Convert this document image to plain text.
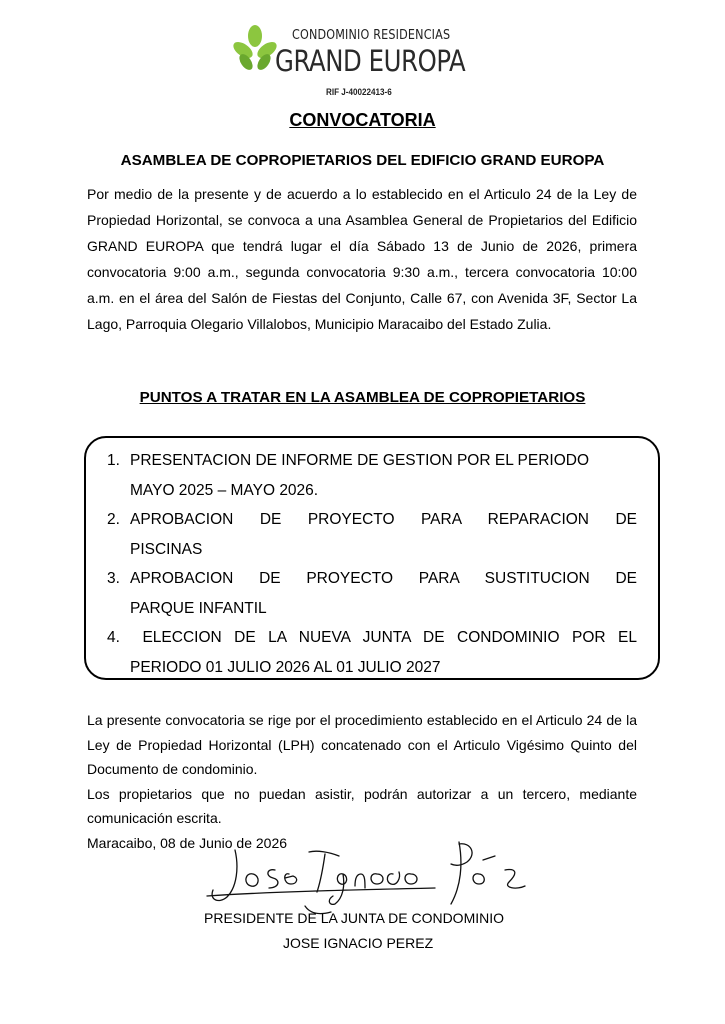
CONDOMINIO RESIDENCIAS
GRAND EUROPA
RIF J-40022413-6
CONVOCATORIA
ASAMBLEA DE COPROPIETARIOS DEL EDIFICIO GRAND EUROPA

Por medio de la presente y de acuerdo a lo establecido en el Articulo 24 de la Ley de Propiedad Horizontal, se convoca a una Asamblea General de Propietarios del Edificio GRAND EUROPA que tendrá lugar el día Sábado 13 de Junio de 2026, primera convocatoria 9:00 a.m., segunda convocatoria 9:30 a.m., tercera convocatoria 10:00 a.m. en el área del Salón de Fiestas del Conjunto, Calle 67, con Avenida 3F, Sector La Lago, Parroquia Olegario Villalobos, Municipio Maracaibo del Estado Zulia.

PUNTOS A TRATAR EN LA ASAMBLEA DE COPROPIETARIOS
1. PRESENTACION DE INFORME DE GESTION POR EL PERIODO
MAYO 2025 – MAYO 2026.
2. APROBACION DE PROYECTO PARA REPARACION DE
PISCINAS
3. APROBACION DE PROYECTO PARA SUSTITUCION DE
PARQUE INFANTIL
4. ELECCION DE LA NUEVA JUNTA DE CONDOMINIO POR EL
PERIODO 01 JULIO 2026 AL 01 JULIO 2027

La presente convocatoria se rige por el procedimiento establecido en el Articulo 24 de la Ley de Propiedad Horizontal (LPH) concatenado con el Articulo Vigésimo Quinto del Documento de condominio.

Los propietarios que no puedan asistir, podrán autorizar a un tercero, mediante comunicación escrita.

Maracaibo, 08 de Junio de 2026
PRESIDENTE DE LA JUNTA DE CONDOMINIO
JOSE IGNACIO PEREZ
